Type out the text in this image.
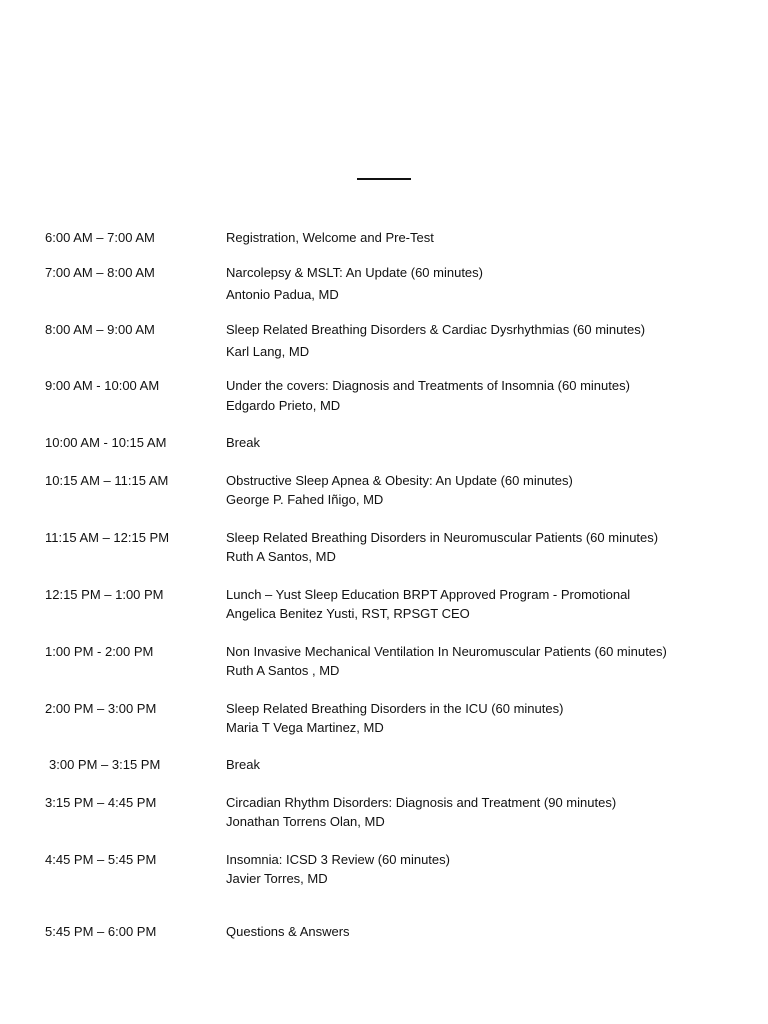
6:00 AM – 7:00 AM	Registration, Welcome and Pre-Test
7:00 AM – 8:00 AM	Narcolepsy & MSLT: An Update (60 minutes)
Antonio Padua, MD
8:00 AM – 9:00 AM	Sleep Related Breathing Disorders & Cardiac Dysrhythmias (60 minutes)
Karl Lang, MD
9:00 AM - 10:00 AM	Under the covers: Diagnosis and Treatments of Insomnia (60 minutes)
Edgardo Prieto, MD
10:00 AM - 10:15 AM	Break
10:15 AM – 11:15 AM	Obstructive Sleep Apnea & Obesity: An Update (60 minutes)
George P. Fahed Iñigo, MD
11:15 AM – 12:15 PM	Sleep Related Breathing Disorders in Neuromuscular Patients (60 minutes)
Ruth A Santos, MD
12:15 PM – 1:00 PM	Lunch – Yust Sleep Education BRPT Approved Program - Promotional
Angelica Benitez Yusti, RST, RPSGT CEO
1:00 PM - 2:00 PM	Non Invasive Mechanical Ventilation In Neuromuscular Patients (60 minutes)
Ruth A Santos , MD
2:00 PM – 3:00 PM	Sleep Related Breathing Disorders in the ICU (60 minutes)
Maria T Vega Martinez, MD
3:00 PM – 3:15 PM	Break
3:15 PM – 4:45 PM	Circadian Rhythm Disorders: Diagnosis and Treatment (90 minutes)
Jonathan Torrens Olan, MD
4:45 PM – 5:45 PM	Insomnia: ICSD 3 Review (60 minutes)
Javier Torres, MD
5:45 PM – 6:00 PM	Questions & Answers
